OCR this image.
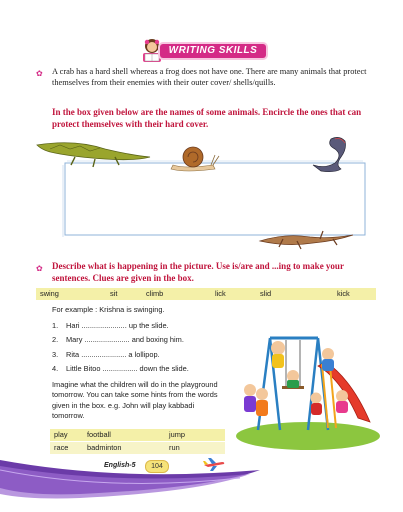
WRITING SKILLS
✿ A crab has a hard shell whereas a frog does not have one. There are many animals that protect themselves from their enemies with their outer cover/ shells/quills.
In the box given below are the names of some animals. Encircle the ones that can protect themselves with their hard cover.
✿ Describe what is happening in the picture. Use is/are and ...ing to make your sentences. Clues are given in the box.
swing	sit	climb	lick	slid	kick
For example : Krishna is swinging.
1. Hari ...................... up the slide.
2. Mary ...................... and boxing him.
3. Rita ...................... a lollipop.
4. Little Bitoo ................. down the slide.
Imagine what the children will do in the playground tomorrow. You can take some hints from the words given in the box. e.g. John will play kabbadi tomorrow.
play	football	jump
race	badminton	run
English-5	104
